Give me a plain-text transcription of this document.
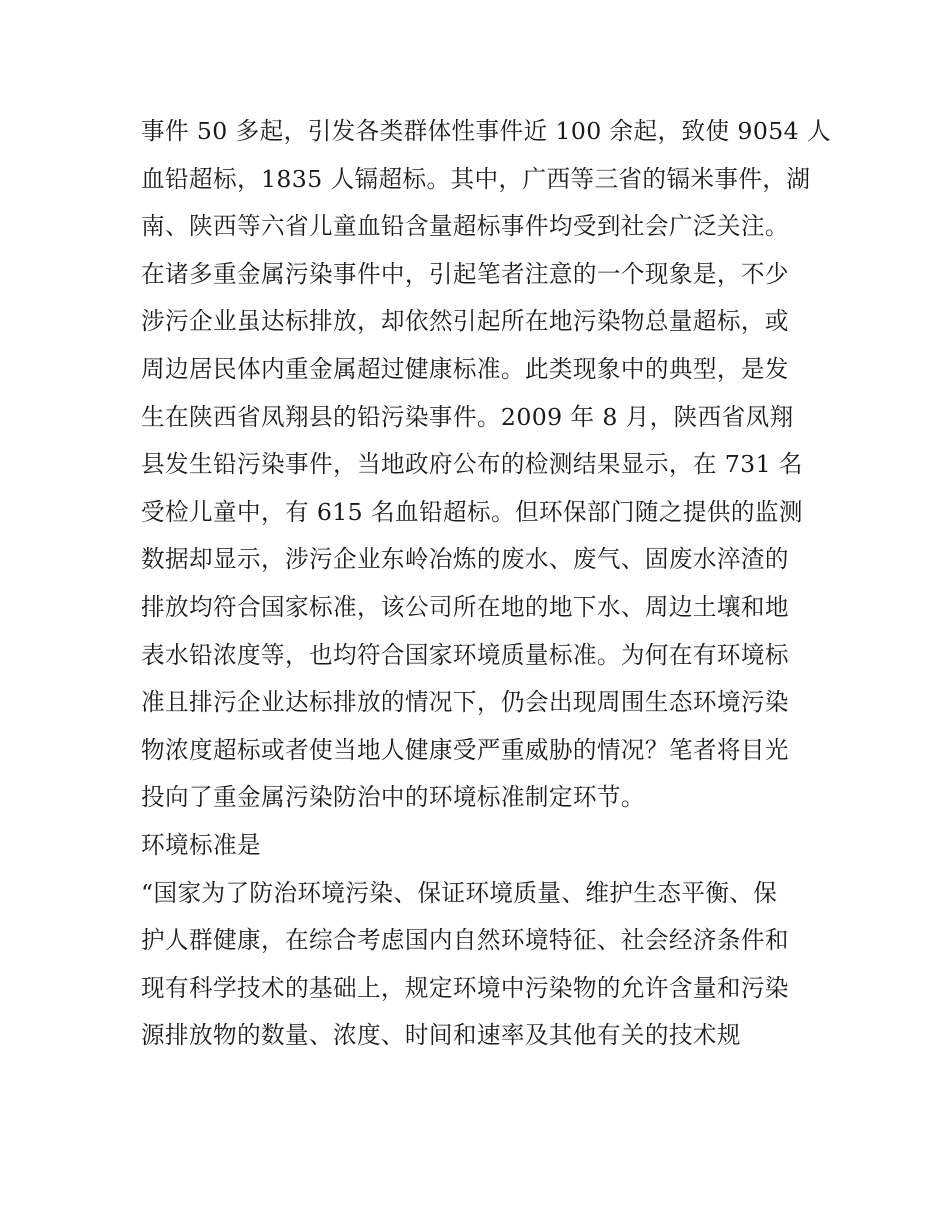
事件 50 多起，引发各类群体性事件近 100 余起，致使 9054 人
血铅超标，1835 人镉超标。其中，广西等三省的镉米事件，湖
南、陕西等六省儿童血铅含量超标事件均受到社会广泛关注。
在诸多重金属污染事件中，引起笔者注意的一个现象是，不少
涉污企业虽达标排放，却依然引起所在地污染物总量超标，或
周边居民体内重金属超过健康标准。此类现象中的典型，是发
生在陕西省凤翔县的铅污染事件。2009 年 8 月，陕西省凤翔
县发生铅污染事件，当地政府公布的检测结果显示，在 731 名
受检儿童中，有 615 名血铅超标。但环保部门随之提供的监测
数据却显示，涉污企业东岭冶炼的废水、废气、固废水淬渣的
排放均符合国家标准，该公司所在地的地下水、周边土壤和地
表水铅浓度等，也均符合国家环境质量标准。为何在有环境标
准且排污企业达标排放的情况下，仍会出现周围生态环境污染
物浓度超标或者使当地人健康受严重威胁的情况？笔者将目光
投向了重金属污染防治中的环境标准制定环节。
环境标准是
“国家为了防治环境污染、保证环境质量、维护生态平衡、保
护人群健康，在综合考虑国内自然环境特征、社会经济条件和
现有科学技术的基础上，规定环境中污染物的允许含量和污染
源排放物的数量、浓度、时间和速率及其他有关的技术规
